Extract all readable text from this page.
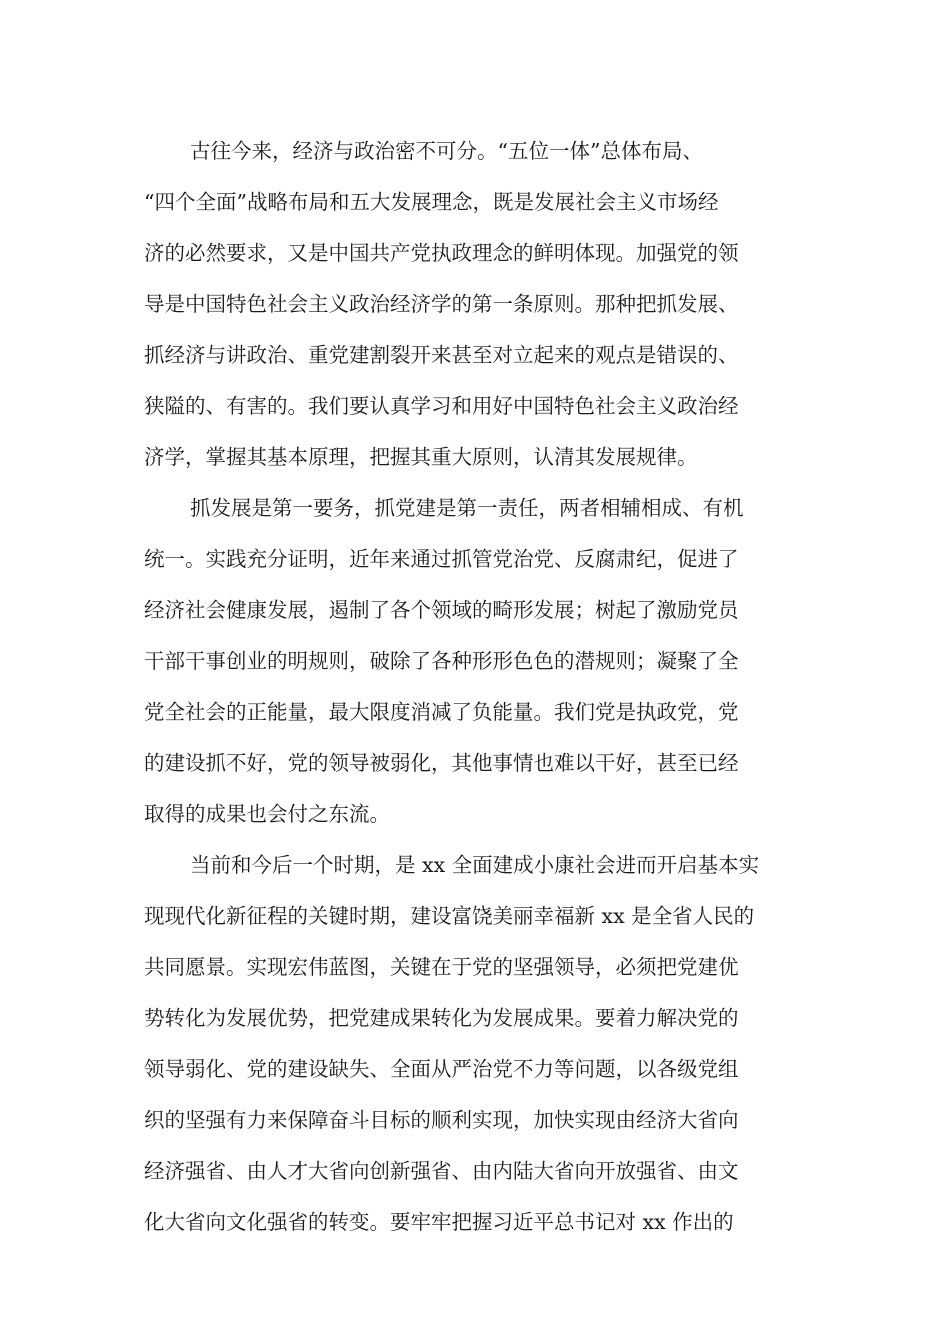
古往今来，经济与政治密不可分。“五位一体”总体布局、
“四个全面”战略布局和五大发展理念，既是发展社会主义市场经
济的必然要求，又是中国共产党执政理念的鲜明体现。加强党的领
导是中国特色社会主义政治经济学的第一条原则。那种把抓发展、
抓经济与讲政治、重党建割裂开来甚至对立起来的观点是错误的、
狭隘的、有害的。我们要认真学习和用好中国特色社会主义政治经
济学，掌握其基本原理，把握其重大原则，认清其发展规律。
抓发展是第一要务，抓党建是第一责任，两者相辅相成、有机
统一。实践充分证明，近年来通过抓管党治党、反腐肃纪，促进了
经济社会健康发展，遏制了各个领域的畸形发展；树起了激励党员
干部干事创业的明规则，破除了各种形形色色的潜规则；凝聚了全
党全社会的正能量，最大限度消减了负能量。我们党是执政党，党
的建设抓不好，党的领导被弱化，其他事情也难以干好，甚至已经
取得的成果也会付之东流。
当前和今后一个时期，是 xx 全面建成小康社会进而开启基本实
现现代化新征程的关键时期，建设富饶美丽幸福新 xx 是全省人民的
共同愿景。实现宏伟蓝图，关键在于党的坚强领导，必须把党建优
势转化为发展优势，把党建成果转化为发展成果。要着力解决党的
领导弱化、党的建设缺失、全面从严治党不力等问题，以各级党组
织的坚强有力来保障奋斗目标的顺利实现，加快实现由经济大省向
经济强省、由人才大省向创新强省、由内陆大省向开放强省、由文
化大省向文化强省的转变。要牢牢把握习近平总书记对 xx 作出的
